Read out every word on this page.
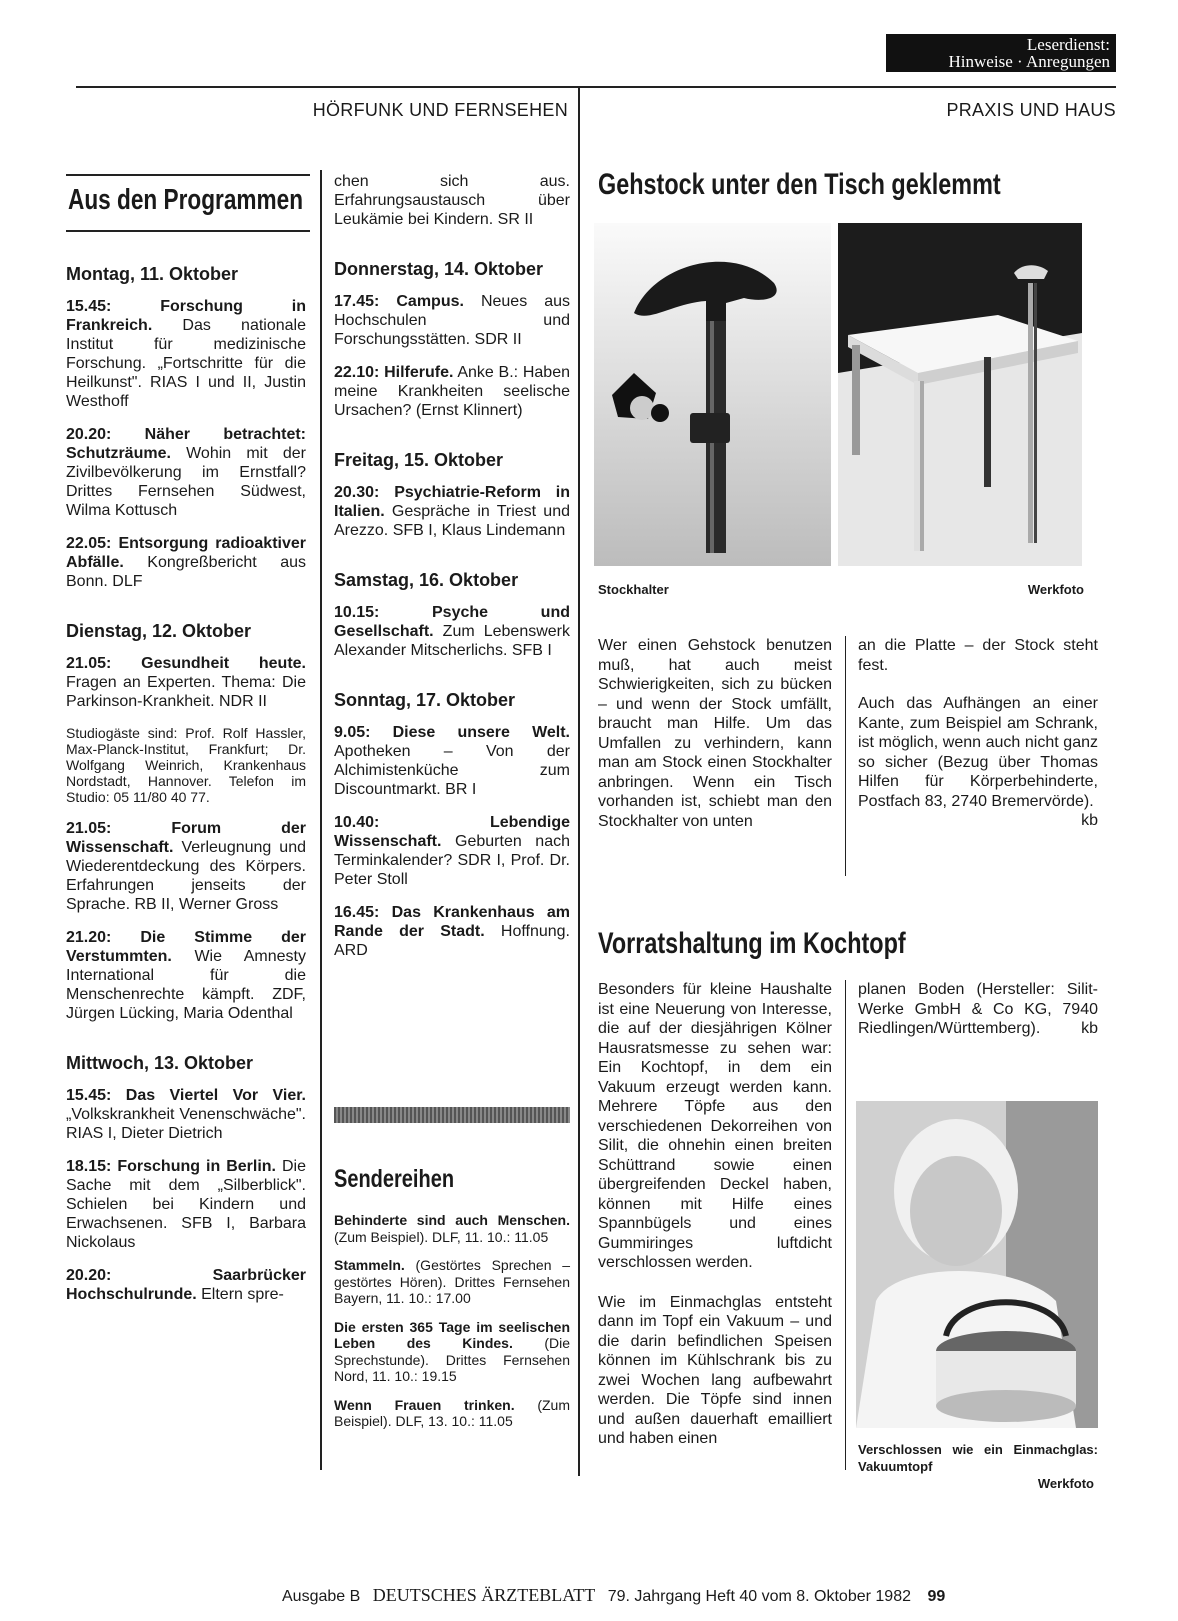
Leserdienst:
Hinweise · Anregungen
HÖRFUNK UND FERNSEHEN	PRAXIS UND HAUS
Aus den Programmen
Montag, 11. Oktober

15.45: Forschung in Frankreich. Das nationale Institut für medizinische Forschung. „Fortschritte für die Heilkunst". RIAS I und II, Justin Westhoff

20.20: Näher betrachtet: Schutzräume. Wohin mit der Zivilbevölkerung im Ernstfall? Drittes Fernsehen Südwest, Wilma Kottusch

22.05: Entsorgung radioaktiver Abfälle. Kongreßbericht aus Bonn. DLF

Dienstag, 12. Oktober

21.05: Gesundheit heute. Fragen an Experten. Thema: Die Parkinson-Krankheit. NDR II

Studiogäste sind: Prof. Rolf Hassler, Max-Planck-Institut, Frankfurt; Dr. Wolfgang Weinrich, Krankenhaus Nordstadt, Hannover. Telefon im Studio: 05 11/80 40 77.

21.05: Forum der Wissenschaft. Verleugnung und Wiederentdeckung des Körpers. Erfahrungen jenseits der Sprache. RB II, Werner Gross

21.20: Die Stimme der Verstummten. Wie Amnesty International für die Menschenrechte kämpft. ZDF, Jürgen Lücking, Maria Odenthal

Mittwoch, 13. Oktober

15.45: Das Viertel Vor Vier. „Volkskrankheit Venenschwäche". RIAS I, Dieter Dietrich

18.15: Forschung in Berlin. Die Sache mit dem „Silberblick". Schielen bei Kindern und Erwachsenen. SFB I, Barbara Nickolaus

20.20: Saarbrücker Hochschulrunde. Eltern spre-

chen sich aus. Erfahrungsaustausch über Leukämie bei Kindern. SR II

Donnerstag, 14. Oktober

17.45: Campus. Neues aus Hochschulen und Forschungsstätten. SDR II

22.10: Hilferufe. Anke B.: Haben meine Krankheiten seelische Ursachen? (Ernst Klinnert)

Freitag, 15. Oktober

20.30: Psychiatrie-Reform in Italien. Gespräche in Triest und Arezzo. SFB I, Klaus Lindemann

Samstag, 16. Oktober

10.15: Psyche und Gesellschaft. Zum Lebenswerk Alexander Mitscherlichs. SFB I

Sonntag, 17. Oktober

9.05: Diese unsere Welt. Apotheken – Von der Alchimistenküche zum Discountmarkt. BR I

10.40: Lebendige Wissenschaft. Geburten nach Terminkalender? SDR I, Prof. Dr. Peter Stoll

16.45: Das Krankenhaus am Rande der Stadt. Hoffnung. ARD

Sendereihen

Behinderte sind auch Menschen. (Zum Beispiel). DLF, 11. 10.: 11.05

Stammeln. (Gestörtes Sprechen – gestörtes Hören). Drittes Fernsehen Bayern, 11. 10.: 17.00

Die ersten 365 Tage im seelischen Leben des Kindes. (Die Sprechstunde). Drittes Fernsehen Nord, 11. 10.: 19.15

Wenn Frauen trinken. (Zum Beispiel). DLF, 13. 10.: 11.05

Gehstock unter den Tisch geklemmt
Stockhalter	Werkfoto
Wer einen Gehstock benutzen muß, hat auch meist Schwierigkeiten, sich zu bücken – und wenn der Stock umfällt, braucht man Hilfe. Um das Umfallen zu verhindern, kann man am Stock einen Stockhalter anbringen. Wenn ein Tisch vorhanden ist, schiebt man den Stockhalter von unten

an die Platte – der Stock steht fest.

Auch das Aufhängen an einer Kante, zum Beispiel am Schrank, ist möglich, wenn auch nicht ganz so sicher (Bezug über Thomas Hilfen für Körperbehinderte, Postfach 83, 2740 Bremervörde).
kb

Vorratshaltung im Kochtopf

Besonders für kleine Haushalte ist eine Neuerung von Interesse, die auf der diesjährigen Kölner Hausratsmesse zu sehen war: Ein Kochtopf, in dem ein Vakuum erzeugt werden kann. Mehrere Töpfe aus den verschiedenen Dekorreihen von Silit, die ohnehin einen breiten Schüttrand sowie einen übergreifenden Deckel haben, können mit Hilfe eines Spannbügels und eines Gummiringes luftdicht verschlossen werden.

Wie im Einmachglas entsteht dann im Topf ein Vakuum – und die darin befindlichen Speisen können im Kühlschrank bis zu zwei Wochen lang aufbewahrt werden. Die Töpfe sind innen und außen dauerhaft emailliert und haben einen

planen Boden (Hersteller: Silit-Werke GmbH & Co KG, 7940 Riedlingen/Württemberg).	kb
Verschlossen wie ein Einmachglas: Vakuumtopf
Werkfoto
Ausgabe B DEUTSCHES ÄRZTEBLATT 79. Jahrgang Heft 40 vom 8. Oktober 1982 99
